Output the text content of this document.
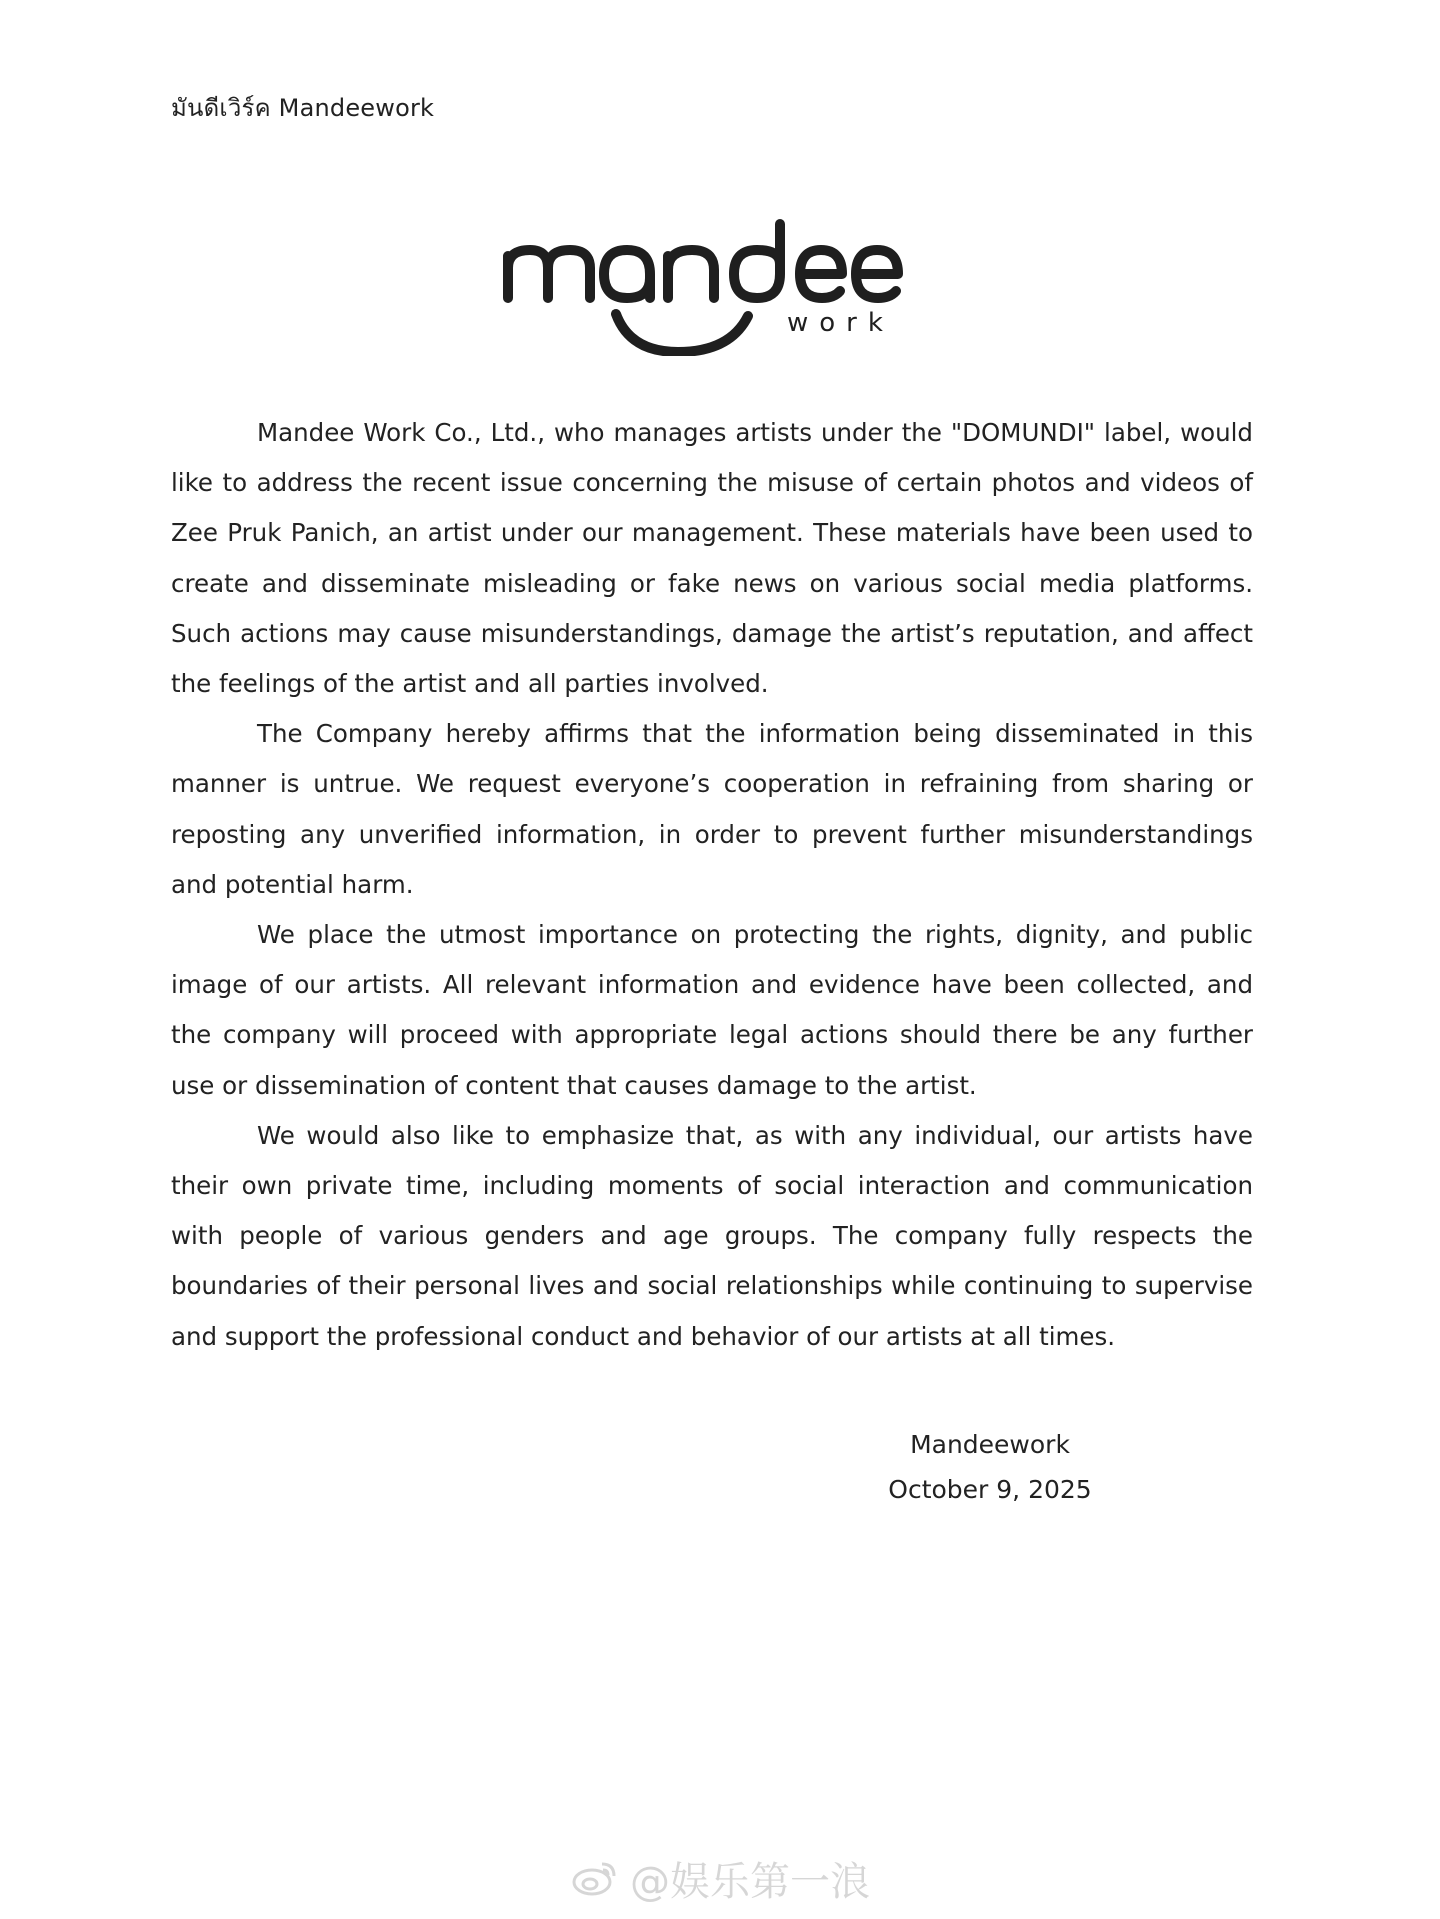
มันดีเวิร์ค Mandeework
work

Mandee Work Co., Ltd., who manages artists under the "DOMUNDI" label, would like to address the recent issue concerning the misuse of certain photos and videos of Zee Pruk Panich, an artist under our management. These materials have been used to create and disseminate misleading or fake news on various social media platforms. Such actions may cause misunderstandings, damage the artist’s reputation, and affect the feelings of the artist and all parties involved.

The Company hereby affirms that the information being disseminated in this manner is untrue. We request everyone’s cooperation in refraining from sharing or reposting any unverified information, in order to prevent further misunderstandings and potential harm.

We place the utmost importance on protecting the rights, dignity, and public image of our artists. All relevant information and evidence have been collected, and the company will proceed with appropriate legal actions should there be any further use or dissemination of content that causes damage to the artist.

We would also like to emphasize that, as with any individual, our artists have their own private time, including moments of social interaction and communication with people of various genders and age groups. The company fully respects the boundaries of their personal lives and social relationships while continuing to supervise and support the professional conduct and behavior of our artists at all times.

Mandeework
October 9, 2025
@娱乐第一浪
